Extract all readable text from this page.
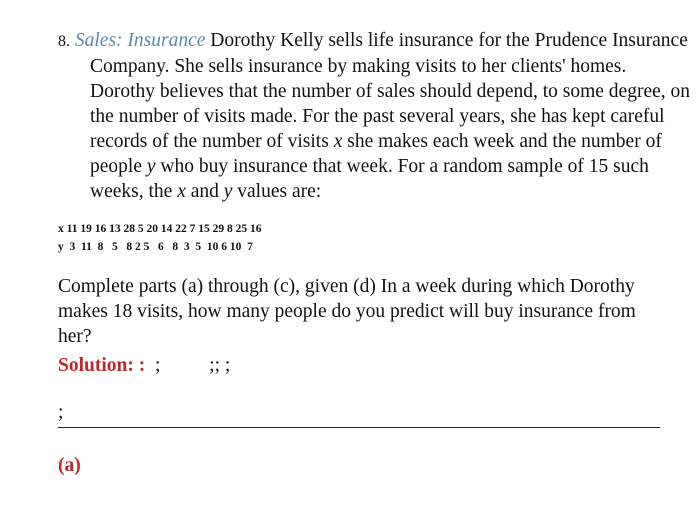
8. Sales: Insurance Dorothy Kelly sells life insurance for the Prudence Insurance Company. She sells insurance by making visits to her clients' homes. Dorothy believes that the number of sales should depend, to some degree, on the number of visits made. For the past several years, she has kept careful records of the number of visits x she makes each week and the number of people y who buy insurance that week. For a random sample of 15 such weeks, the x and y values are:
x 11 19 16 13 28 5 20 14 22 7 15 29 8 25 16
y  3  11  8   5   8 2 5   6   8  3  5  10 6 10  7
Complete parts (a) through (c), given (d) In a week during which Dorothy makes 18 visits, how many people do you predict will buy insurance from her?
Solution: :  ;          ;; ;
;
(a)
